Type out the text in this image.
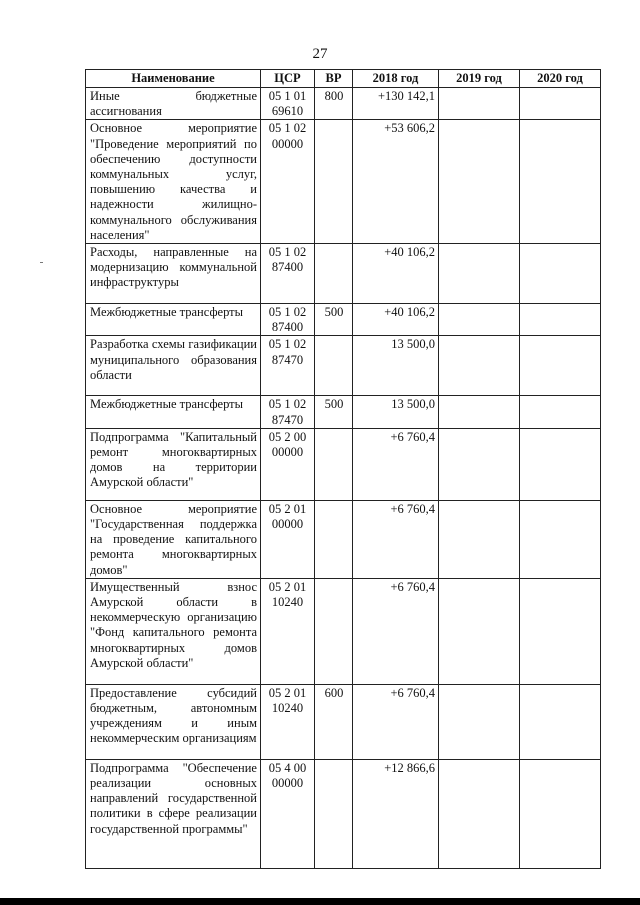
27
Наименование	ЦСР	ВР	2018 год	2019 год	2020 год
Иные бюджетные ассигнования	05 1 01 69610	800	+130 142,1		
Основное мероприятие "Проведение мероприятий по обеспечению доступности коммунальных услуг, повышению качества и надежности жилищно-коммунального обслуживания населения"	05 1 02 00000		+53 606,2		
Расходы, направленные на модернизацию коммунальной инфраструктуры	05 1 02 87400		+40 106,2		
Межбюджетные трансферты	05 1 02 87400	500	+40 106,2		
Разработка схемы газификации муниципального образования области	05 1 02 87470		13 500,0		
Межбюджетные трансферты	05 1 02 87470	500	13 500,0		
Подпрограмма "Капитальный ремонт многоквартирных домов на территории Амурской области"	05 2 00 00000		+6 760,4		
Основное мероприятие "Государственная поддержка на проведение капитального ремонта многоквартирных домов"	05 2 01 00000		+6 760,4		
Имущественный взнос Амурской области в некоммерческую организацию "Фонд капитального ремонта многоквартирных домов Амурской области"	05 2 01 10240		+6 760,4		
Предоставление субсидий бюджетным, автономным учреждениям и иным некоммерческим организациям	05 2 01 10240	600	+6 760,4		
Подпрограмма "Обеспечение реализации основных направлений государственной политики в сфере реализации государственной программы"	05 4 00 00000		+12 866,6		
